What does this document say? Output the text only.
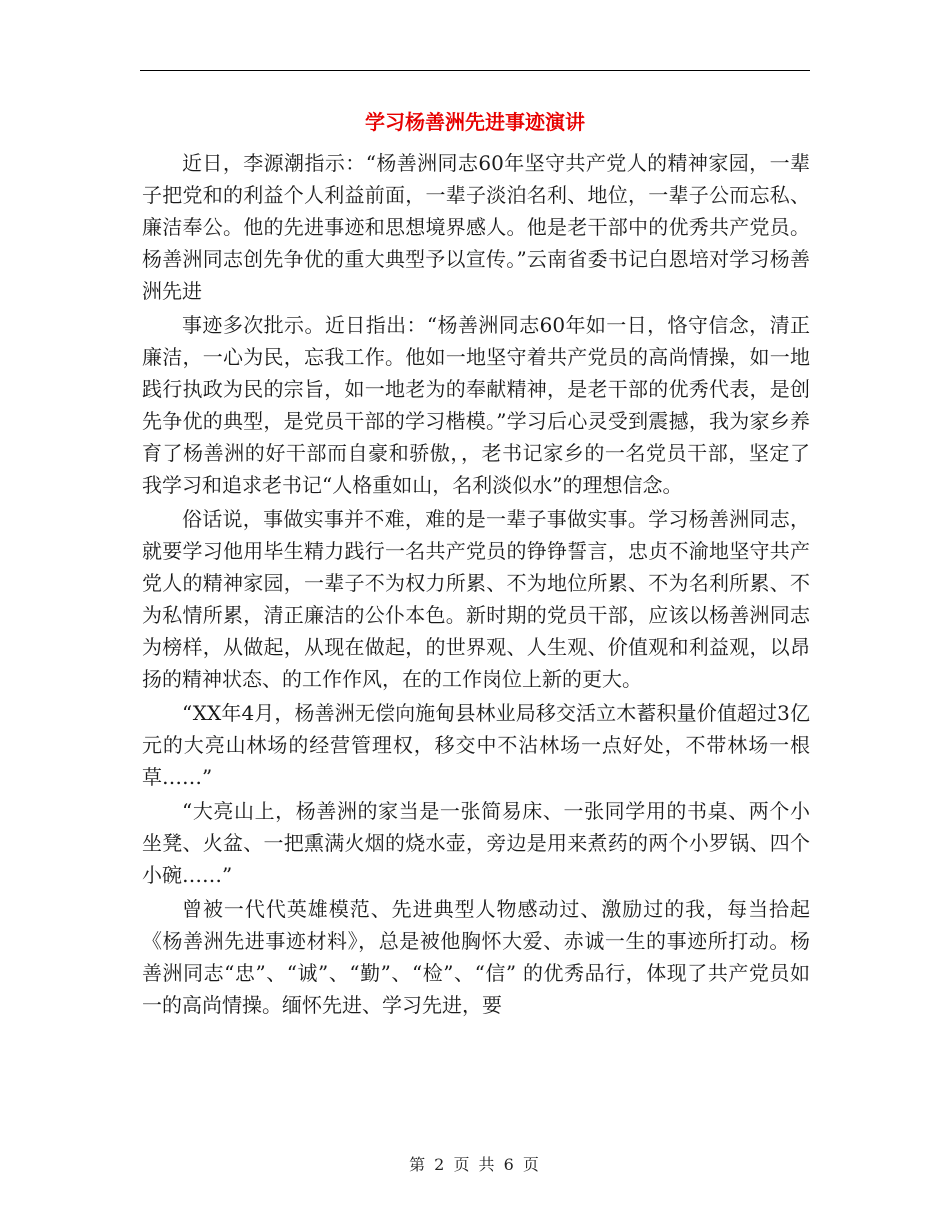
学习杨善洲先进事迹演讲

近日，李源潮指示：“杨善洲同志60年坚守共产党人的精神家园，一辈子把党和的利益个人利益前面，一辈子淡泊名利、地位，一辈子公而忘私、廉洁奉公。他的先进事迹和思想境界感人。他是老干部中的优秀共产党员。杨善洲同志创先争优的重大典型予以宣传。”云南省委书记白恩培对学习杨善洲先进

事迹多次批示。近日指出：“杨善洲同志60年如一日，恪守信念，清正廉洁，一心为民，忘我工作。他如一地坚守着共产党员的高尚情操，如一地践行执政为民的宗旨，如一地老为的奉献精神，是老干部的优秀代表，是创先争优的典型，是党员干部的学习楷模。”学习后心灵受到震撼，我为家乡养育了杨善洲的好干部而自豪和骄傲，，老书记家乡的一名党员干部，坚定了我学习和追求老书记“人格重如山，名利淡似水”的理想信念。

俗话说，事做实事并不难，难的是一辈子事做实事。学习杨善洲同志，就要学习他用毕生精力践行一名共产党员的铮铮誓言，忠贞不渝地坚守共产党人的精神家园，一辈子不为权力所累、不为地位所累、不为名利所累、不为私情所累，清正廉洁的公仆本色。新时期的党员干部，应该以杨善洲同志为榜样，从做起，从现在做起，的世界观、人生观、价值观和利益观，以昂扬的精神状态、的工作作风，在的工作岗位上新的更大。

“XX年4月，杨善洲无偿向施甸县林业局移交活立木蓄积量价值超过3亿元的大亮山林场的经营管理权，移交中不沾林场一点好处，不带林场一根草……”

“大亮山上，杨善洲的家当是一张简易床、一张同学用的书桌、两个小坐凳、火盆、一把熏满火烟的烧水壶，旁边是用来煮药的两个小罗锅、四个小碗……”

曾被一代代英雄模范、先进典型人物感动过、激励过的我，每当拾起《杨善洲先进事迹材料》，总是被他胸怀大爱、赤诚一生的事迹所打动。杨善洲同志“忠”、“诚”、“勤”、“检”、“信” 的优秀品行，体现了共产党员如一的高尚情操。缅怀先进、学习先进，要

第 2 页 共 6 页
